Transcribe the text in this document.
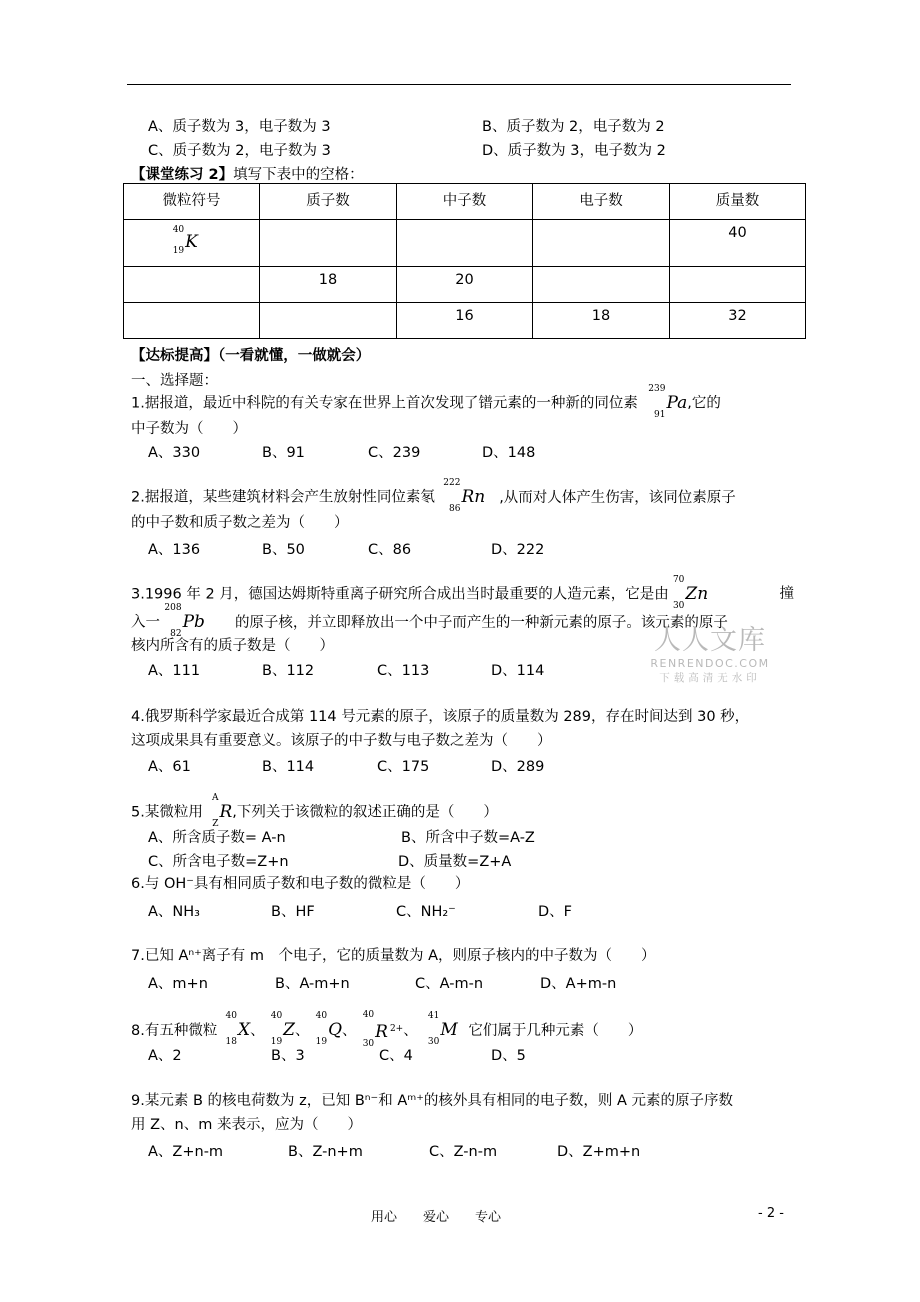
A、质子数为 3，电子数为 3	B、质子数为 2，电子数为 2
C、质子数为 2，电子数为 3	D、质子数为 3，电子数为 2
【课堂练习 2】填写下表中的空格：
微粒符号	质子数	中子数	电子数	质量数

40
19 K				40
	18	20		
		16	18	32
【达标提高】（一看就懂，一做就会）
一、选择题：
1.据报道，最近中科院的有关专家在世界上首次发现了镨元素的一种新的同位素
239
91
Pa,它的
中子数为（　　）
A、330	B、91	C、239	D、148
2.据报道，某些建筑材料会产生放射性同位素氡
222
86
Rn ,从而对人体产生伤害，该同位素原子
的中子数和质子数之差为（　　）
A、136	B、50	C、86	D、222
3.1996 年 2 月，德国达姆斯特重离子研究所合成出当时最重要的人造元素，它是由
70
30
Zn	撞
入一
208
82
Pb 的原子核，并立即释放出一个中子而产生的一种新元素的原子。该元素的原子
核内所含有的质子数是（　　）
A、111	B、112	C、113	D、114
4.俄罗斯科学家最近合成第 114 号元素的原子，该原子的质量数为 289，存在时间达到 30 秒，
这项成果具有重要意义。该原子的中子数与电子数之差为（　　）
A、61	B、114	C、175	D、289
5.某微粒用
A
Z
R,下列关于该微粒的叙述正确的是（　　）
A、所含质子数= A-n	B、所含中子数=A-Z
C、所含电子数=Z+n	D、质量数=Z+A
6.与 OH⁻具有相同质子数和电子数的微粒是（　　）
A、NH₃	B、HF	C、NH₂⁻	D、F
7.已知 Aⁿ⁺离子有 m　个电子，它的质量数为 A，则原子核内的中子数为（　　）
A、m+n	B、A-m+n	C、A-m-n	D、A+m-n
8.有五种微粒
40
18
X、
40
19
Z、
40
19
Q、
40
30
R $^{2+}$、
41
30
M 它们属于几种元素（　　）
A、2	B、3	C、4	D、5
9.某元素 B 的核电荷数为 z，已知 Bⁿ⁻和 Aᵐ⁺的核外具有相同的电子数，则 A 元素的原子序数
用 Z、n、m 来表示，应为（　　）
A、Z+n-m	B、Z-n+m	C、Z-n-m	D、Z+m+n
人人文库
RENRENDOC.COM
下载高清无水印
用心　　爱心　　专心	- 2 -
